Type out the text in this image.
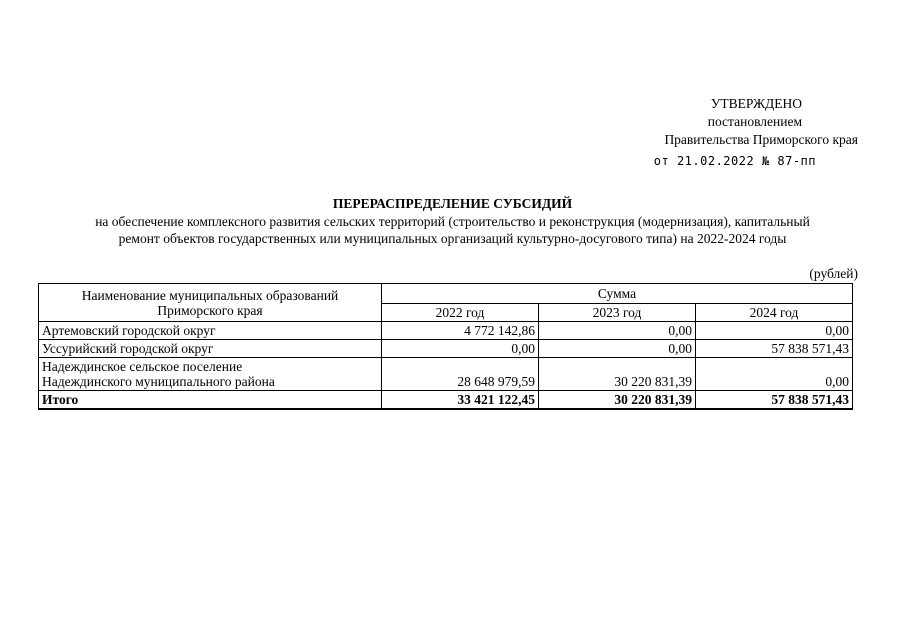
УТВЕРЖДЕНО
постановлением
Правительства Приморского края
от 21.02.2022 № 87-пп
ПЕРЕРАСПРЕДЕЛЕНИЕ СУБСИДИЙ
на обеспечение комплексного развития сельских территорий (строительство и реконструкция (модернизация), капитальный
ремонт объектов государственных или муниципальных организаций культурно-досугового типа) на 2022-2024 годы
(рублей)
Наименование муниципальных образований
Приморского края	Сумма		
	2022 год	2023 год	2024 год
Артемовский городской округ	4 772 142,86	0,00	0,00
Уссурийский городской округ	0,00	0,00	57 838 571,43

Надеждинское сельское поселение
Надеждинского муниципального района	28 648 979,59	30 220 831,39	0,00
Итого	33 421 122,45	30 220 831,39	57 838 571,43
